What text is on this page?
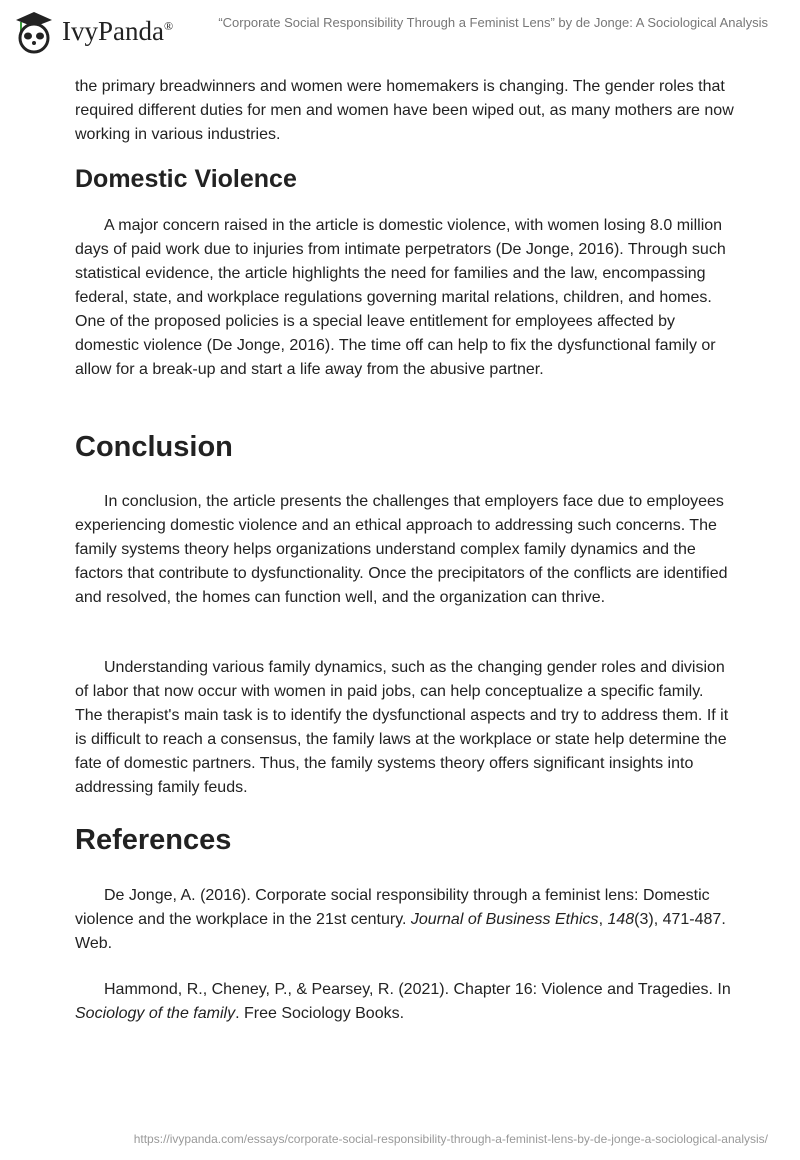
IvyPanda®	“Corporate Social Responsibility Through a Feminist Lens” by de Jonge: A Sociological Analysis

the primary breadwinners and women were homemakers is changing. The gender roles that required different duties for men and women have been wiped out, as many mothers are now working in various industries.

Domestic Violence

A major concern raised in the article is domestic violence, with women losing 8.0 million days of paid work due to injuries from intimate perpetrators (De Jonge, 2016). Through such statistical evidence, the article highlights the need for families and the law, encompassing federal, state, and workplace regulations governing marital relations, children, and homes. One of the proposed policies is a special leave entitlement for employees affected by domestic violence (De Jonge, 2016). The time off can help to fix the dysfunctional family or allow for a break-up and start a life away from the abusive partner.

Conclusion

In conclusion, the article presents the challenges that employers face due to employees experiencing domestic violence and an ethical approach to addressing such concerns. The family systems theory helps organizations understand complex family dynamics and the factors that contribute to dysfunctionality. Once the precipitators of the conflicts are identified and resolved, the homes can function well, and the organization can thrive.

Understanding various family dynamics, such as the changing gender roles and division of labor that now occur with women in paid jobs, can help conceptualize a specific family. The therapist's main task is to identify the dysfunctional aspects and try to address them. If it is difficult to reach a consensus, the family laws at the workplace or state help determine the fate of domestic partners. Thus, the family systems theory offers significant insights into addressing family feuds.

References

De Jonge, A. (2016). Corporate social responsibility through a feminist lens: Domestic violence and the workplace in the 21st century. Journal of Business Ethics, 148(3), 471-487. Web.

Hammond, R., Cheney, P., & Pearsey, R. (2021). Chapter 16: Violence and Tragedies. In Sociology of the family. Free Sociology Books.

https://ivypanda.com/essays/corporate-social-responsibility-through-a-feminist-lens-by-de-jonge-a-sociological-analysis/
